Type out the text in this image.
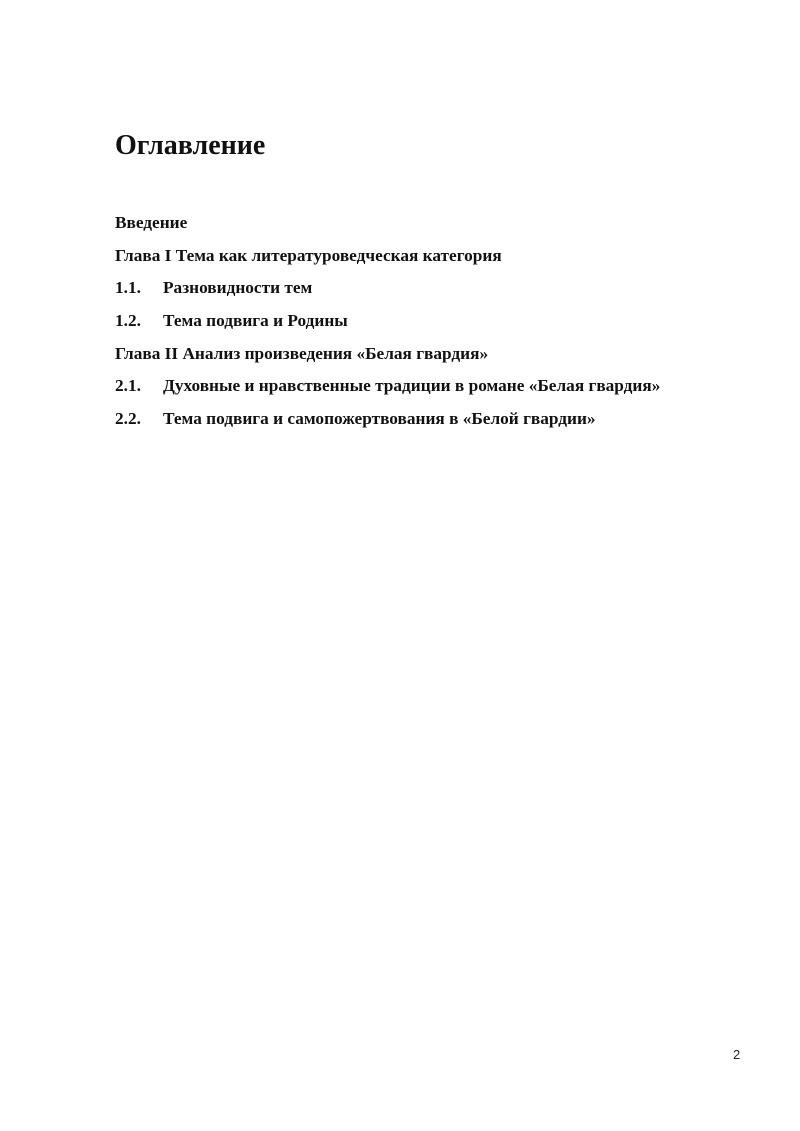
Оглавление
Введение
Глава I Тема как литературоведческая категория
1.1. Разновидности тем
1.2. Тема подвига и Родины
Глава II Анализ произведения «Белая гвардия»
2.1. Духовные и нравственные традиции в романе «Белая гвардия»
2.2. Тема подвига и самопожертвования в «Белой гвардии»
2
